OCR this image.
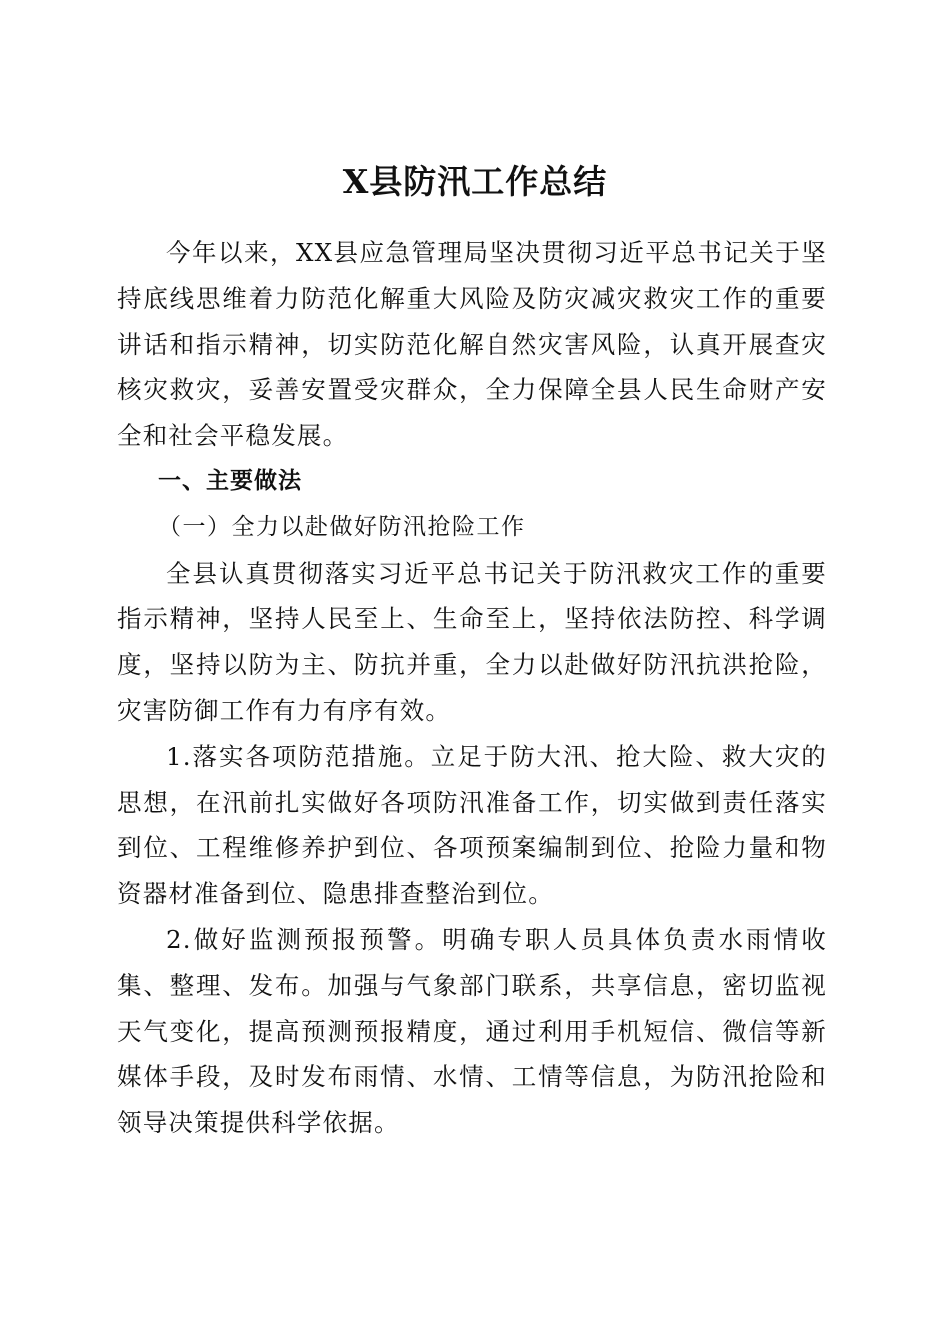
X县防汛工作总结

今年以来，XX县应急管理局坚决贯彻习近平总书记关于坚持底线思维着力防范化解重大风险及防灾减灾救灾工作的重要讲话和指示精神，切实防范化解自然灾害风险，认真开展查灾核灾救灾，妥善安置受灾群众，全力保障全县人民生命财产安全和社会平稳发展。

一、主要做法

（一）全力以赴做好防汛抢险工作

全县认真贯彻落实习近平总书记关于防汛救灾工作的重要指示精神，坚持人民至上、生命至上，坚持依法防控、科学调度，坚持以防为主、防抗并重，全力以赴做好防汛抗洪抢险，灾害防御工作有力有序有效。

1.落实各项防范措施。立足于防大汛、抢大险、救大灾的思想，在汛前扎实做好各项防汛准备工作，切实做到责任落实到位、工程维修养护到位、各项预案编制到位、抢险力量和物资器材准备到位、隐患排查整治到位。

2.做好监测预报预警。明确专职人员具体负责水雨情收集、整理、发布。加强与气象部门联系，共享信息，密切监视天气变化，提高预测预报精度，通过利用手机短信、微信等新媒体手段，及时发布雨情、水情、工情等信息，为防汛抢险和领导决策提供科学依据。
